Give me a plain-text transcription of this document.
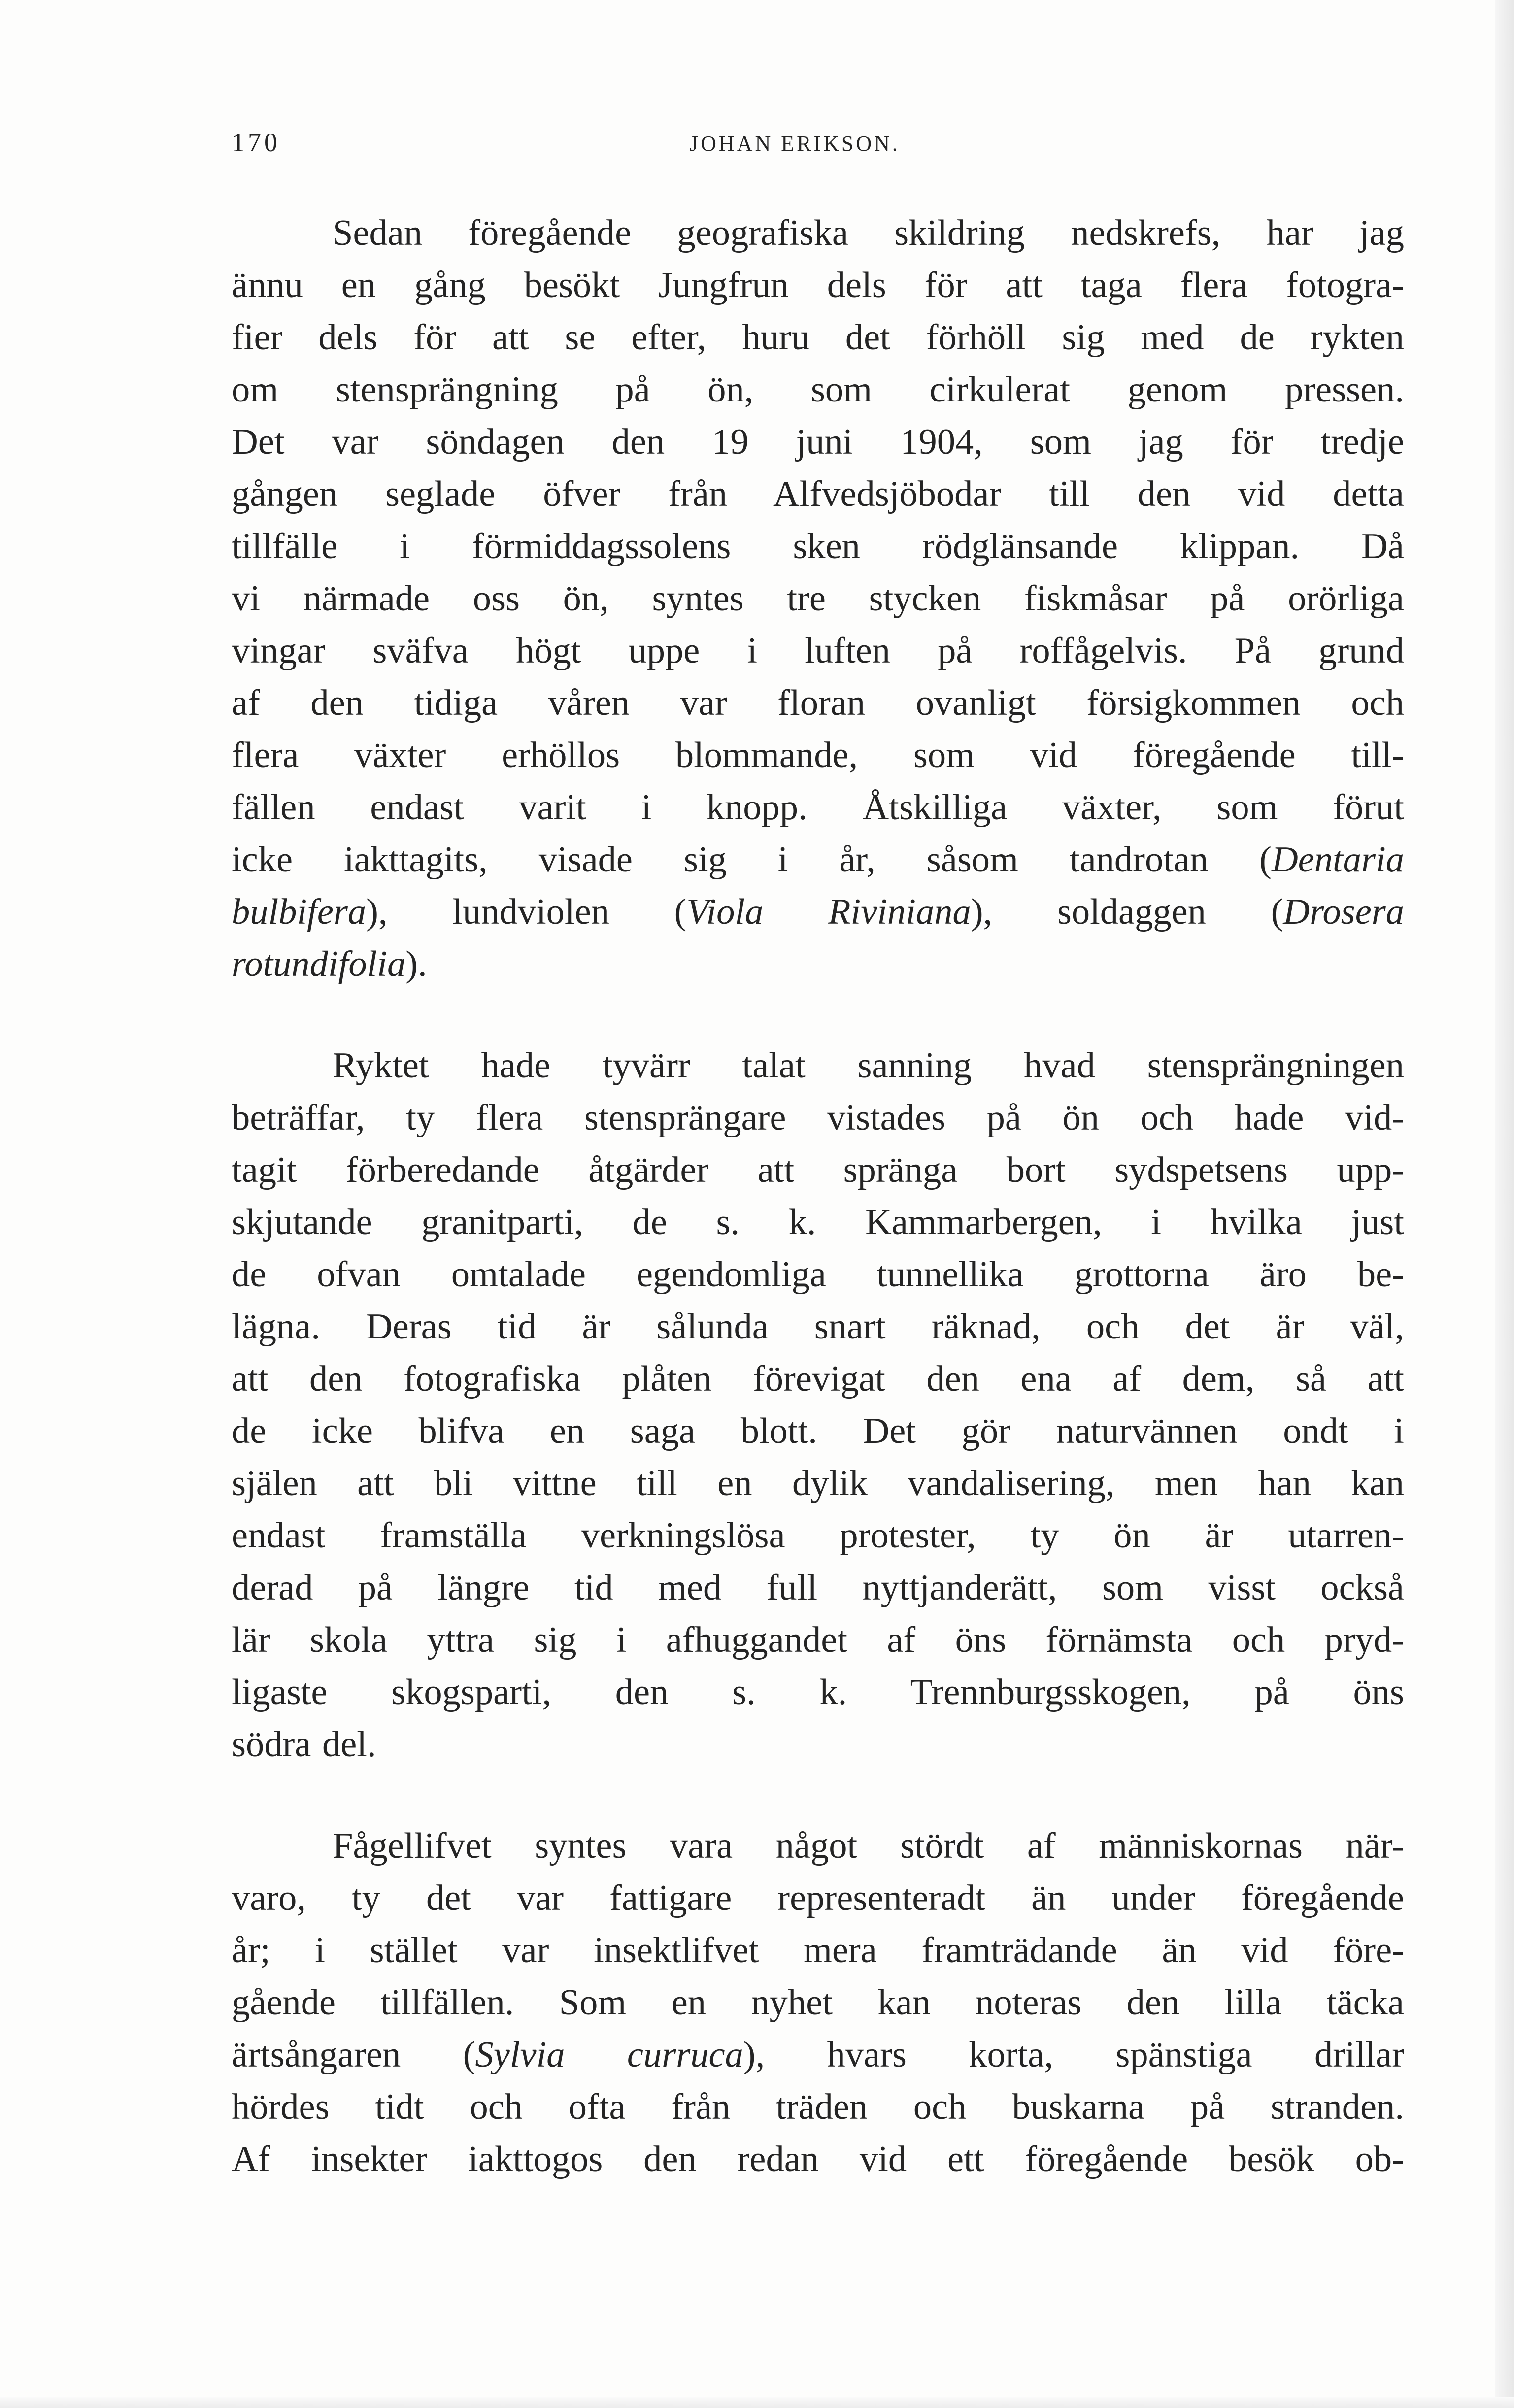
170	JOHAN ERIKSON.

Sedan föregående geografiska skildring nedskrefs, har jag
ännu en gång besökt Jungfrun dels för att taga flera fotogra-
fier dels för att se efter, huru det förhöll sig med de rykten
om stensprängning på ön, som cirkulerat genom pressen.
Det var söndagen den 19 juni 1904, som jag för tredje
gången seglade öfver från Alfvedsjöbodar till den vid detta
tillfälle i förmiddagssolens sken rödglänsande klippan. Då
vi närmade oss ön, syntes tre stycken fiskmåsar på orörliga
vingar sväfva högt uppe i luften på roffågelvis. På grund
af den tidiga våren var floran ovanligt försigkommen och
flera växter erhöllos blommande, som vid föregående till-
fällen endast varit i knopp. Åtskilliga växter, som förut
icke iakttagits, visade sig i år, såsom tandrotan (Dentaria
bulbifera), lundviolen (Viola Riviniana), soldaggen (Drosera
rotundifolia).

Ryktet hade tyvärr talat sanning hvad stensprängningen
beträffar, ty flera stensprängare vistades på ön och hade vid-
tagit förberedande åtgärder att spränga bort sydspetsens upp-
skjutande granitparti, de s. k. Kammarbergen, i hvilka just
de ofvan omtalade egendomliga tunnellika grottorna äro be-
lägna. Deras tid är sålunda snart räknad, och det är väl,
att den fotografiska plåten förevigat den ena af dem, så att
de icke blifva en saga blott. Det gör naturvännen ondt i
själen att bli vittne till en dylik vandalisering, men han kan
endast framställa verkningslösa protester, ty ön är utarren-
derad på längre tid med full nyttjanderätt, som visst också
lär skola yttra sig i afhuggandet af öns förnämsta och pryd-
ligaste skogsparti, den s. k. Trennburgsskogen, på öns
södra del.

Fågellifvet syntes vara något stördt af människornas när-
varo, ty det var fattigare representeradt än under föregående
år; i stället var insektlifvet mera framträdande än vid före-
gående tillfällen. Som en nyhet kan noteras den lilla täcka
ärtsångaren (Sylvia curruca), hvars korta, spänstiga drillar
hördes tidt och ofta från träden och buskarna på stranden.
Af insekter iakttogos den redan vid ett föregående besök ob-
